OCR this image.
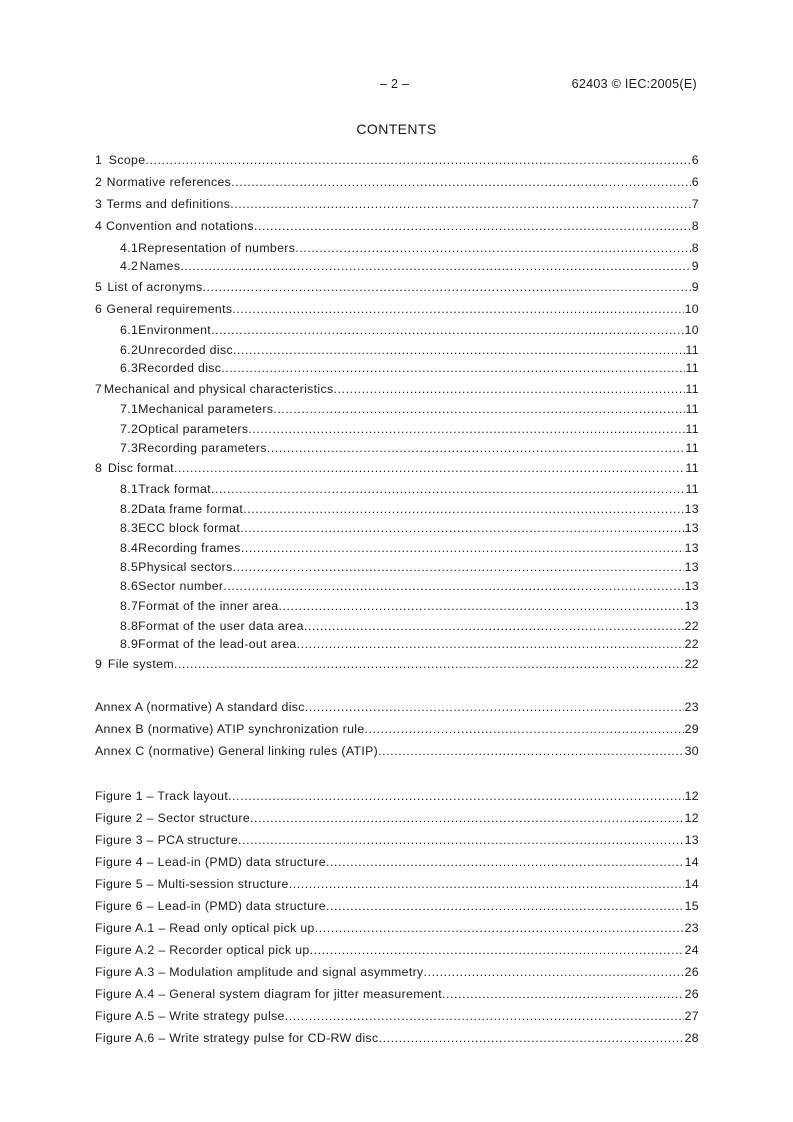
– 2 –	62403 © IEC:2005(E)
CONTENTS
1 Scope .....	6
2 Normative references .....	6
3 Terms and definitions .....	7
4 Convention and notations .....	8
4.1 Representation of numbers .....	8
4.2 Names .....	9
5 List of acronyms .....	9
6 General requirements .....	10
6.1 Environment .....	10
6.2 Unrecorded disc .....	11
6.3 Recorded disc .....	11
7 Mechanical and physical characteristics .....	11
7.1 Mechanical parameters .....	11
7.2 Optical parameters .....	11
7.3 Recording parameters .....	11
8 Disc format .....	11
8.1 Track format .....	11
8.2 Data frame format .....	13
8.3 ECC block format .....	13
8.4 Recording frames .....	13
8.5 Physical sectors .....	13
8.6 Sector number .....	13
8.7 Format of the inner area .....	13
8.8 Format of the user data area .....	22
8.9 Format of the lead-out area .....	22
9 File system .....	22
Annex A (normative) A standard disc .....	23
Annex B (normative) ATIP synchronization rule .....	29
Annex C (normative) General linking rules (ATIP) .....	30
Figure 1 – Track layout .....	12
Figure 2 – Sector structure .....	12
Figure 3 – PCA structure .....	13
Figure 4 – Lead-in (PMD) data structure .....	14
Figure 5 – Multi-session structure .....	14
Figure 6 – Lead-in (PMD) data structure .....	15
Figure A.1 – Read only optical pick up .....	23
Figure A.2 – Recorder optical pick up .....	24
Figure A.3 – Modulation amplitude and signal asymmetry .....	26
Figure A.4 – General system diagram for jitter measurement .....	26
Figure A.5 – Write strategy pulse .....	27
Figure A.6 – Write strategy pulse for CD-RW disc .....	28
